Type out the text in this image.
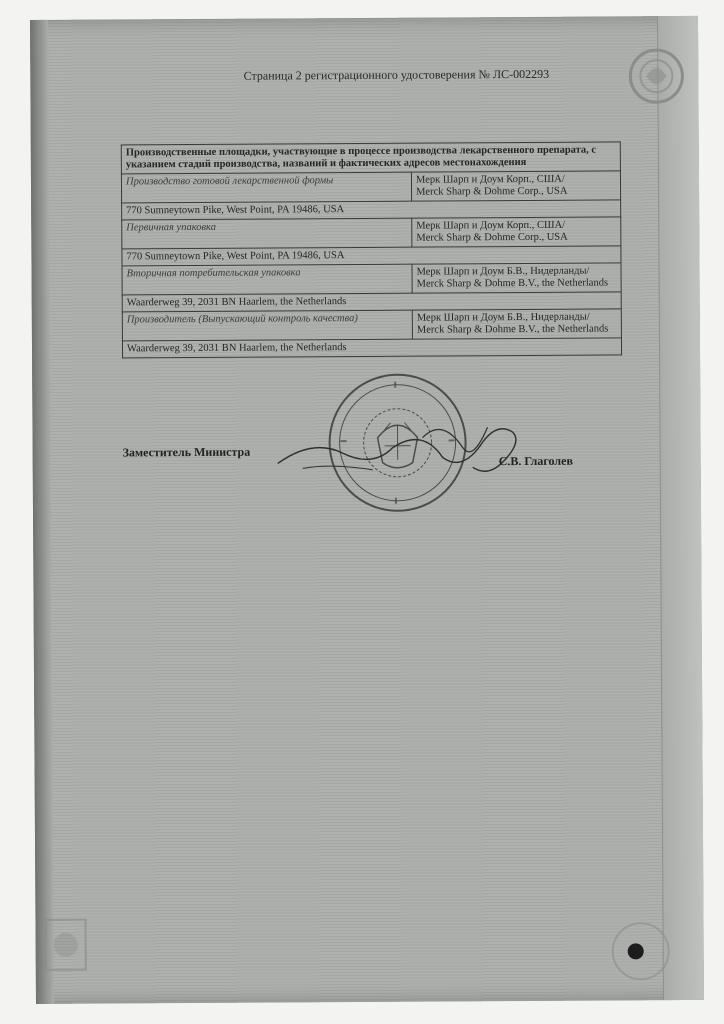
Страница 2 регистрационного удостоверения № ЛС-002293
Производственные площадки, участвующие в процессе производства лекарственного препарата, с указанием стадий производства, названий и фактических адресов местонахождения	
Производство готовой лекарственной формы	Мерк Шарп и Доум Корп., США/
Merck Sharp & Dohme Corp., USA

770 Sumneytown Pike, West Point, PA 19486, USA	
Первичная упаковка	Мерк Шарп и Доум Корп., США/
Merck Sharp & Dohme Corp., USA

770 Sumneytown Pike, West Point, PA 19486, USA	
Вторичная потребительская упаковка	Мерк Шарп и Доум Б.В., Нидерланды/
Merck Sharp & Dohme B.V., the Netherlands

Waarderweg 39, 2031 BN Haarlem, the Netherlands	
Производитель (Выпускающий контроль качества)	Мерк Шарп и Доум Б.В., Нидерланды/
Merck Sharp & Dohme B.V., the Netherlands

Waarderweg 39, 2031 BN Haarlem, the Netherlands	
Заместитель Министра
С.В. Глаголев
